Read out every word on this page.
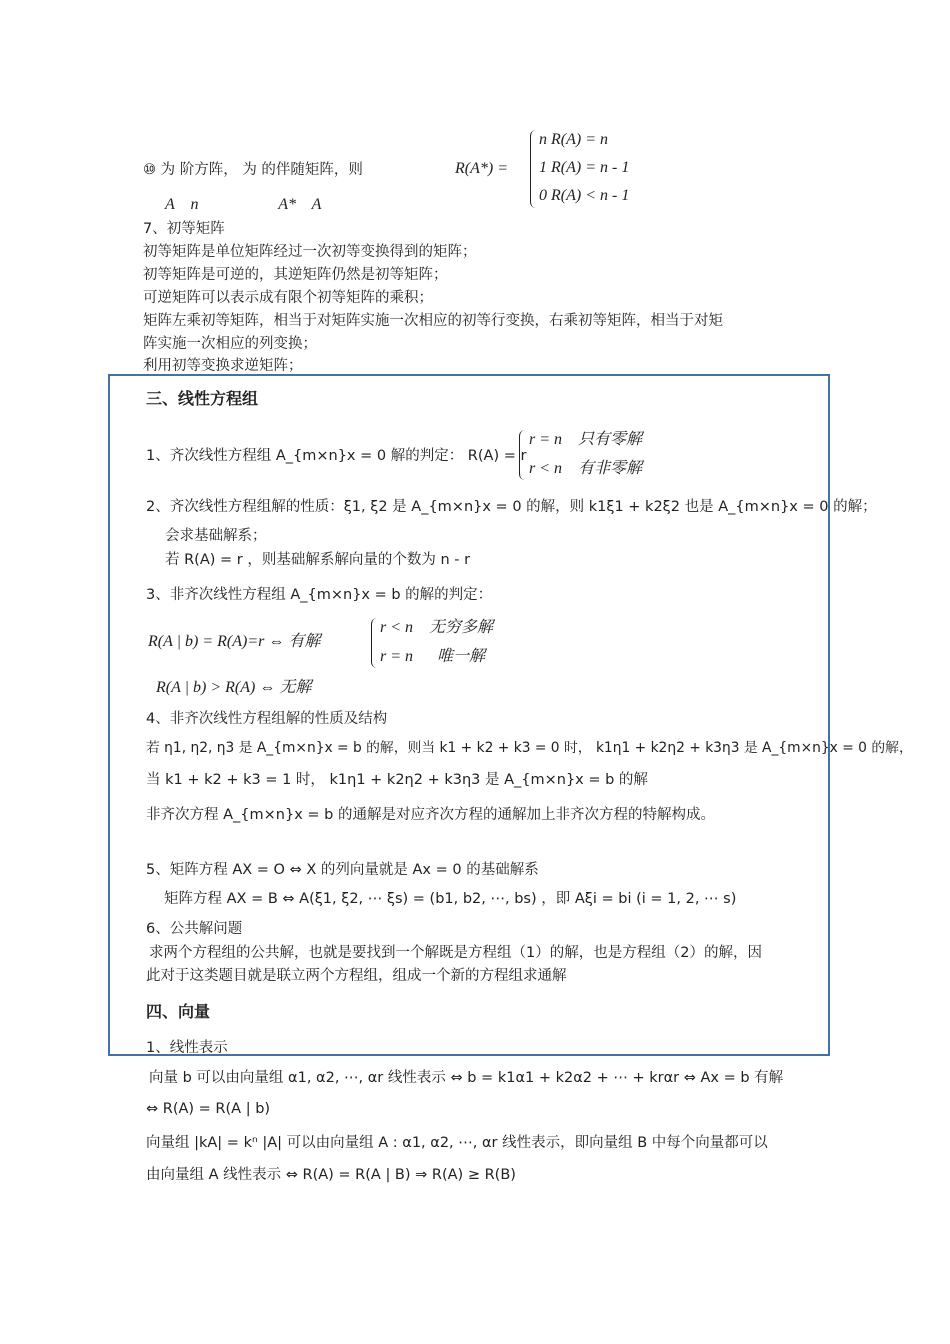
⑩ 为 阶方阵， 为 的伴随矩阵，则	R(A*) =
n R(A) = n
1 R(A) = n - 1
0 R(A) < n - 1
A    n                    A*    A
7、初等矩阵
初等矩阵是单位矩阵经过一次初等变换得到的矩阵；
初等矩阵是可逆的，其逆矩阵仍然是初等矩阵；
可逆矩阵可以表示成有限个初等矩阵的乘积；
矩阵左乘初等矩阵，相当于对矩阵实施一次相应的初等行变换，右乘初等矩阵，相当于对矩
阵实施一次相应的列变换；
利用初等变换求逆矩阵；
三、线性方程组
1、齐次线性方程组 A_{m×n}x = 0 解的判定： R(A) = r
r = n    只有零解
r < n    有非零解
2、齐次线性方程组解的性质：ξ1, ξ2 是 A_{m×n}x = 0 的解，则 k1ξ1 + k2ξ2 也是 A_{m×n}x = 0 的解；
会求基础解系；
若 R(A) = r ，则基础解系解向量的个数为 n - r
3、非齐次线性方程组 A_{m×n}x = b 的解的判定：
R(A | b) = R(A)=r ⇔ 有解
r < n    无穷多解
r = n      唯一解
R(A | b) > R(A) ⇔ 无解
4、非齐次线性方程组解的性质及结构
若 η1, η2, η3 是 A_{m×n}x = b 的解，则当 k1 + k2 + k3 = 0 时， k1η1 + k2η2 + k3η3 是 A_{m×n}x = 0 的解，
当 k1 + k2 + k3 = 1 时， k1η1 + k2η2 + k3η3 是 A_{m×n}x = b 的解
非齐次方程 A_{m×n}x = b 的通解是对应齐次方程的通解加上非齐次方程的特解构成。
5、矩阵方程 AX = O ⇔ X 的列向量就是 Ax = 0 的基础解系
矩阵方程 AX = B ⇔ A(ξ1, ξ2, ⋯ ξs) = (b1, b2, ⋯, bs) ，即 Aξi = bi (i = 1, 2, ⋯ s)
6、公共解问题
求两个方程组的公共解，也就是要找到一个解既是方程组（1）的解，也是方程组（2）的解，因
此对于这类题目就是联立两个方程组，组成一个新的方程组求通解
四、向量
1、线性表示
向量 b 可以由向量组 α1, α2, ⋯, αr 线性表示 ⇔ b = k1α1 + k2α2 + ⋯ + krαr ⇔ Ax = b 有解
⇔ R(A) = R(A | b)
向量组 |kA| = kⁿ |A| 可以由向量组 A : α1, α2, ⋯, αr 线性表示，即向量组 B 中每个向量都可以
由向量组 A 线性表示 ⇔ R(A) = R(A | B) ⇒ R(A) ≥ R(B)
